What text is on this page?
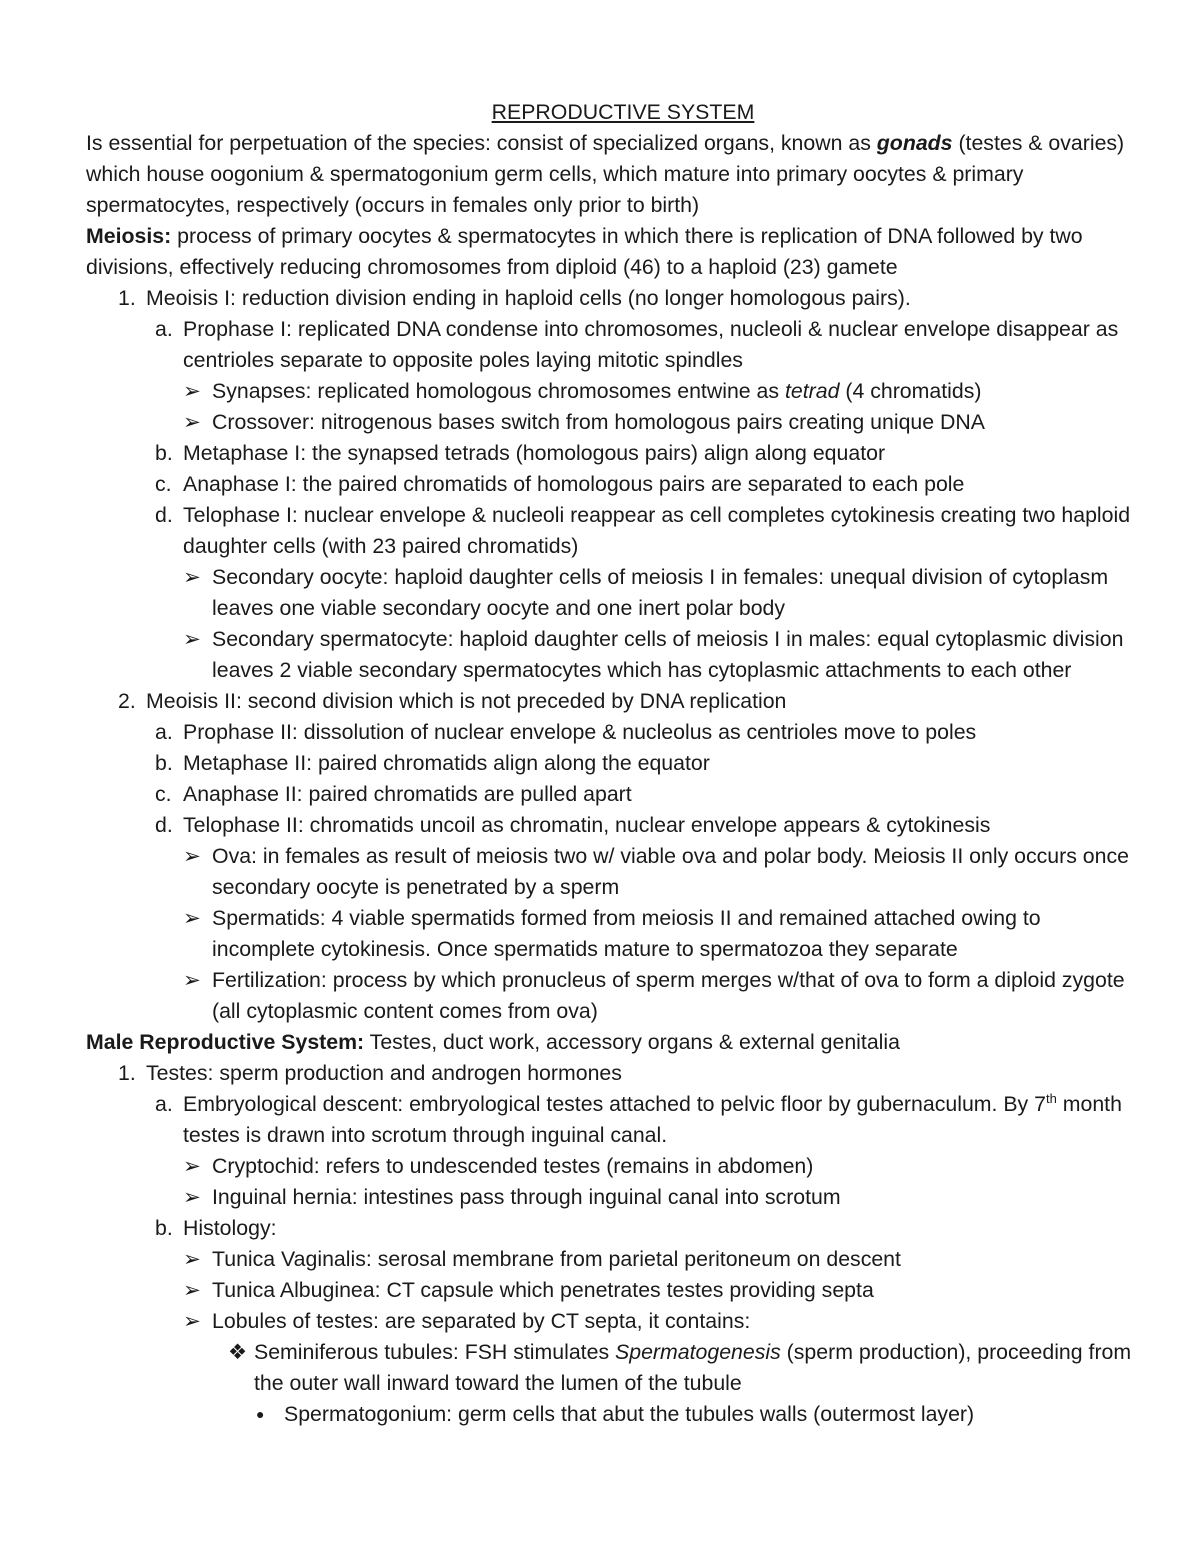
REPRODUCTIVE SYSTEM
Is essential for perpetuation of the species: consist of specialized organs, known as gonads (testes & ovaries) which house oogonium & spermatogonium germ cells, which mature into primary oocytes & primary spermatocytes, respectively (occurs in females only prior to birth)
Meiosis: process of primary oocytes & spermatocytes in which there is replication of DNA followed by two divisions, effectively reducing chromosomes from diploid (46) to a haploid (23) gamete
1. Meoisis I: reduction division ending in haploid cells (no longer homologous pairs).
a. Prophase I: replicated DNA condense into chromosomes, nucleoli & nuclear envelope disappear as centrioles separate to opposite poles laying mitotic spindles
➢ Synapses: replicated homologous chromosomes entwine as tetrad (4 chromatids)
➢ Crossover: nitrogenous bases switch from homologous pairs creating unique DNA
b. Metaphase I: the synapsed tetrads (homologous pairs) align along equator
c. Anaphase I: the paired chromatids of homologous pairs are separated to each pole
d. Telophase I: nuclear envelope & nucleoli reappear as cell completes cytokinesis creating two haploid daughter cells (with 23 paired chromatids)
➢ Secondary oocyte: haploid daughter cells of meiosis I in females: unequal division of cytoplasm leaves one viable secondary oocyte and one inert polar body
➢ Secondary spermatocyte: haploid daughter cells of meiosis I in males: equal cytoplasmic division leaves 2 viable secondary spermatocytes which has cytoplasmic attachments to each other
2. Meoisis II: second division which is not preceded by DNA replication
a. Prophase II: dissolution of nuclear envelope & nucleolus as centrioles move to poles
b. Metaphase II: paired chromatids align along the equator
c. Anaphase II: paired chromatids are pulled apart
d. Telophase II: chromatids uncoil as chromatin, nuclear envelope appears & cytokinesis
➢ Ova: in females as result of meiosis two w/ viable ova and polar body. Meiosis II only occurs once secondary oocyte is penetrated by a sperm
➢ Spermatids: 4 viable spermatids formed from meiosis II and remained attached owing to incomplete cytokinesis. Once spermatids mature to spermatozoa they separate
➢ Fertilization: process by which pronucleus of sperm merges w/that of ova to form a diploid zygote (all cytoplasmic content comes from ova)
Male Reproductive System: Testes, duct work, accessory organs & external genitalia
1. Testes: sperm production and androgen hormones
a. Embryological descent: embryological testes attached to pelvic floor by gubernaculum. By 7th month testes is drawn into scrotum through inguinal canal.
➢ Cryptochid: refers to undescended testes (remains in abdomen)
➢ Inguinal hernia: intestines pass through inguinal canal into scrotum
b. Histology:
➢ Tunica Vaginalis: serosal membrane from parietal peritoneum on descent
➢ Tunica Albuginea: CT capsule which penetrates testes providing septa
➢ Lobules of testes: are separated by CT septa, it contains:
❖ Seminiferous tubules: FSH stimulates Spermatogenesis (sperm production), proceeding from the outer wall inward toward the lumen of the tubule
● Spermatogonium: germ cells that abut the tubules walls (outermost layer)
